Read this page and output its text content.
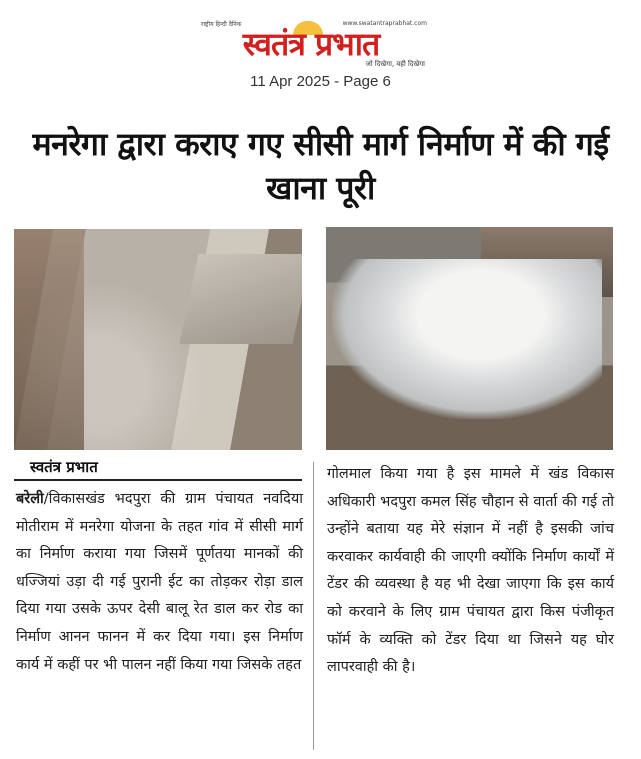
राष्ट्रीय हिन्दी दैनिक	www.swatantraprabhat.com
स्वतंत्र प्रभात
जो दिखेगा, वही दिखेगा
11 Apr 2025 - Page 6
मनरेगा द्वारा कराए गए सीसी मार्ग निर्माण में की गई खाना पूरी
स्वतंत्र प्रभात
बरेली/विकासखंड भदपुरा की ग्राम पंचायत नवदिया मोतीराम में मनरेगा योजना के तहत गांव में सीसी मार्ग का निर्माण कराया गया जिसमें पूर्णतया मानकों की धज्जियां उड़ा दी गई पुरानी ईट का तोड़कर रोड़ा डाल दिया गया उसके ऊपर देसी बालू रेत डाल कर रोड का निर्माण आनन फानन में कर दिया गया। इस निर्माण कार्य में कहीं पर भी पालन नहीं किया गया जिसके तहत
गोलमाल किया गया है इस मामले में खंड विकास अधिकारी भदपुरा कमल सिंह चौहान से वार्ता की गई तो उन्होंने बताया यह मेरे संज्ञान में नहीं है इसकी जांच करवाकर कार्यवाही की जाएगी क्योंकि निर्माण कार्यों में टेंडर की व्यवस्था है यह भी देखा जाएगा कि इस कार्य को करवाने के लिए ग्राम पंचायत द्वारा किस पंजीकृत फॉर्म के व्यक्ति को टेंडर दिया था जिसने यह घोर लापरवाही की है।
